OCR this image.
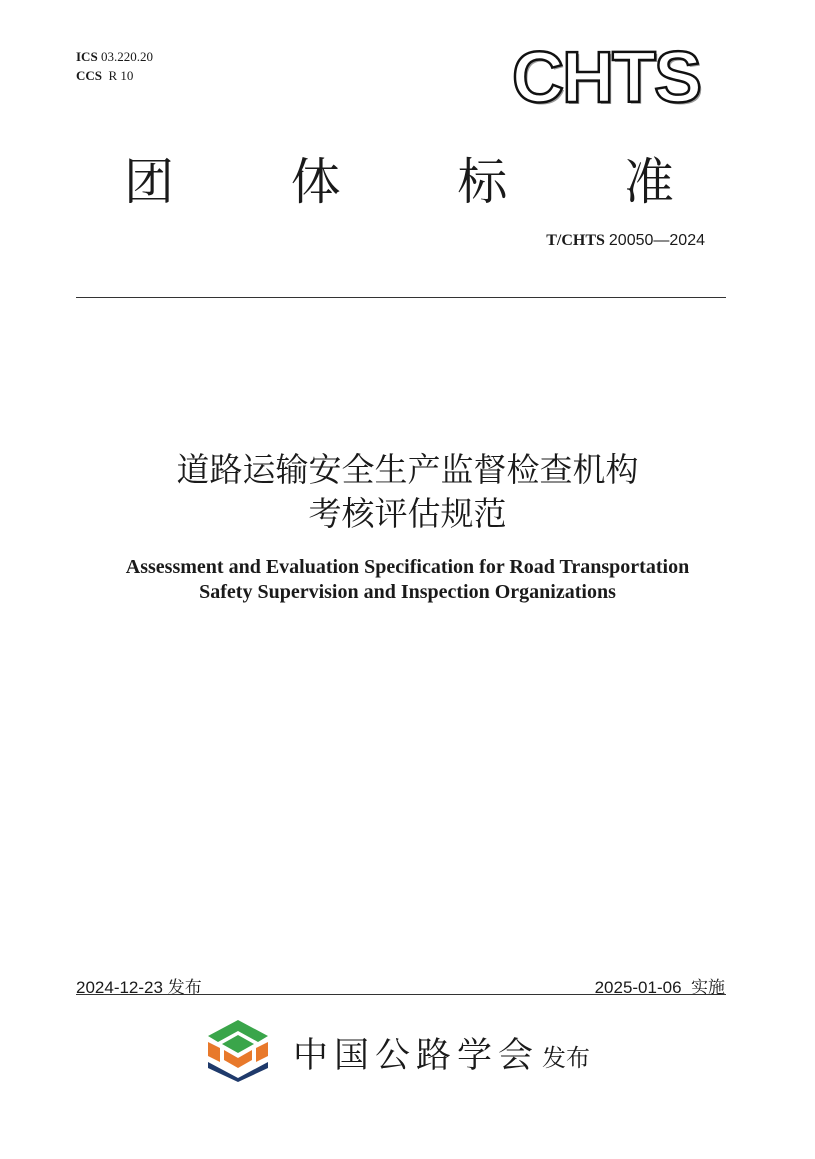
ICS 03.220.20
CCS R 10	CHTS
团 体 标 准
T/CHTS 20050—2024
道路运输安全生产监督检查机构
考核评估规范
Assessment and Evaluation Specification for Road Transportation
Safety Supervision and Inspection Organizations
2024-12-23 发布	2025-01-06 实施
中国公路学会 发布
